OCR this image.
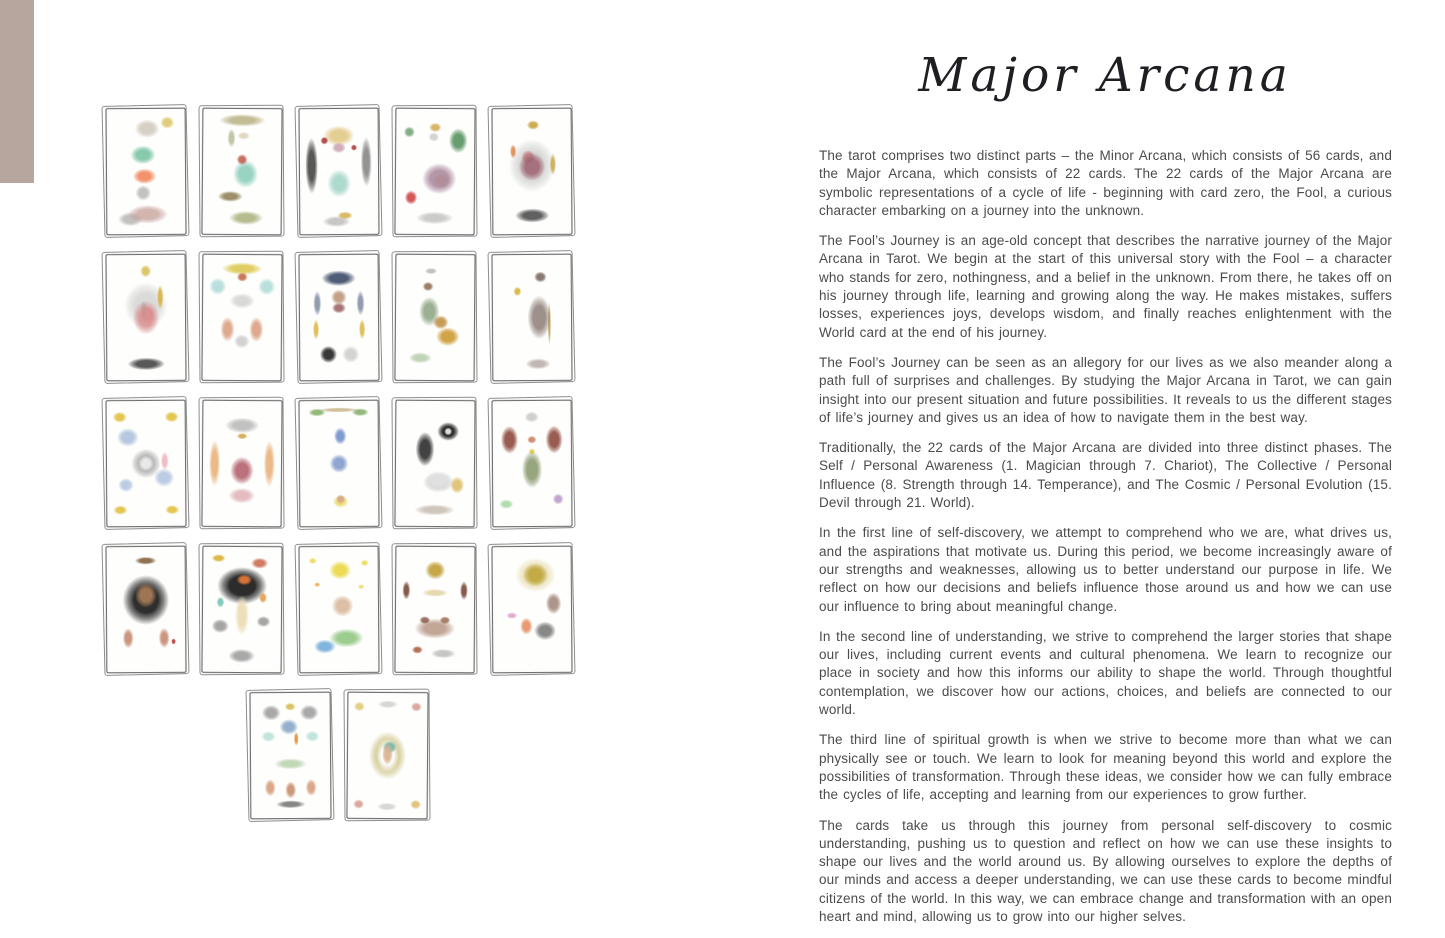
Major Arcana

The tarot comprises two distinct parts – the Minor Arcana, which consists of 56 cards, and the Major Arcana, which consists of 22 cards. The 22 cards of the Major Arcana are symbolic representations of a cycle of life - beginning with card zero, the Fool, a curious character embarking on a journey into the unknown.

The Fool’s Journey is an age-old concept that describes the narrative journey of the Major Arcana in Tarot. We begin at the start of this universal story with the Fool – a character who stands for zero, nothingness, and a belief in the unknown. From there, he takes off on his journey through life, learning and growing along the way. He makes mistakes, suffers losses, experiences joys, develops wisdom, and finally reaches enlightenment with the World card at the end of his journey.

The Fool’s Journey can be seen as an allegory for our lives as we also meander along a path full of surprises and challenges. By studying the Major Arcana in Tarot, we can gain insight into our present situation and future possibilities. It reveals to us the different stages of life’s journey and gives us an idea of how to navigate them in the best way.

Traditionally, the 22 cards of the Major Arcana are divided into three distinct phases. The Self / Personal Awareness (1. Magician through 7. Chariot), The Collective / Personal Influence (8. Strength through 14. Temperance), and The Cosmic / Personal Evolution (15. Devil through 21. World).

In the first line of self-discovery, we attempt to comprehend who we are, what drives us, and the aspirations that motivate us. During this period, we become increasingly aware of our strengths and weaknesses, allowing us to better understand our purpose in life. We reflect on how our decisions and beliefs influence those around us and how we can use our influence to bring about meaningful change.

In the second line of understanding, we strive to comprehend the larger stories that shape our lives, including current events and cultural phenomena. We learn to recognize our place in society and how this informs our ability to shape the world. Through thoughtful contemplation, we discover how our actions, choices, and beliefs are connected to our world.

The third line of spiritual growth is when we strive to become more than what we can physically see or touch. We learn to look for meaning beyond this world and explore the possibilities of transformation. Through these ideas, we consider how we can fully embrace the cycles of life, accepting and learning from our experiences to grow further.

The cards take us through this journey from personal self-discovery to cosmic understanding, pushing us to question and reflect on how we can use these insights to shape our lives and the world around us. By allowing ourselves to explore the depths of our minds and access a deeper understanding, we can use these cards to become mindful citizens of the world. In this way, we can embrace change and transformation with an open heart and mind, allowing us to grow into our higher selves.
